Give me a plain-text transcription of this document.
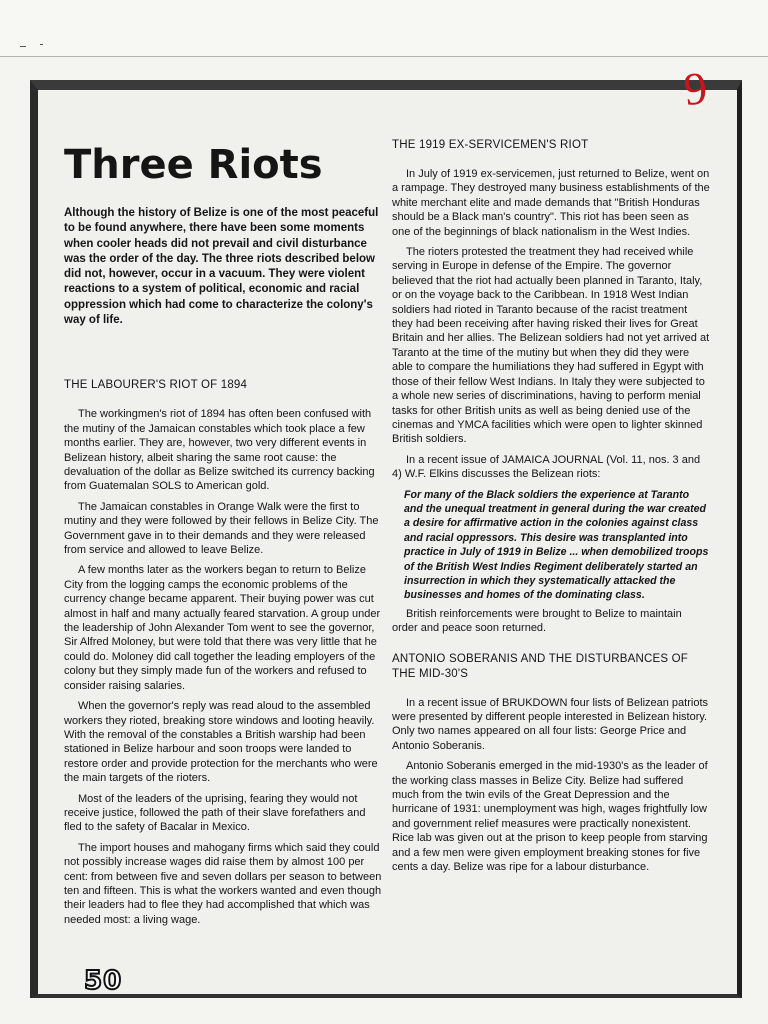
9
Three Riots

Although the history of Belize is one of the most peaceful to be found anywhere, there have been some moments when cooler heads did not prevail and civil disturbance was the order of the day. The three riots described below did not, however, occur in a vacuum. They were violent reactions to a system of political, economic and racial oppression which had come to characterize the colony's way of life.

THE LABOURER'S RIOT OF 1894

The workingmen's riot of 1894 has often been confused with the mutiny of the Jamaican constables which took place a few months earlier. They are, however, two very different events in Belizean history, albeit sharing the same root cause: the devaluation of the dollar as Belize switched its currency backing from Guatemalan SOLS to American gold.

The Jamaican constables in Orange Walk were the first to mutiny and they were followed by their fellows in Belize City. The Government gave in to their demands and they were released from service and allowed to leave Belize.

A few months later as the workers began to return to Belize City from the logging camps the economic problems of the currency change became apparent. Their buying power was cut almost in half and many actually feared starvation. A group under the leadership of John Alexander Tom went to see the governor, Sir Alfred Moloney, but were told that there was very little that he could do. Moloney did call together the leading employers of the colony but they simply made fun of the workers and refused to consider raising salaries.

When the governor's reply was read aloud to the assembled workers they rioted, breaking store windows and looting heavily. With the removal of the constables a British warship had been stationed in Belize harbour and soon troops were landed to restore order and provide protection for the merchants who were the main targets of the rioters.

Most of the leaders of the uprising, fearing they would not receive justice, followed the path of their slave forefathers and fled to the safety of Bacalar in Mexico.

The import houses and mahogany firms which said they could not possibly increase wages did raise them by almost 100 per cent: from between five and seven dollars per season to between ten and fifteen. This is what the workers wanted and even though their leaders had to flee they had accomplished that which was needed most: a living wage.

THE 1919 EX-SERVICEMEN'S RIOT

In July of 1919 ex-servicemen, just returned to Belize, went on a rampage. They destroyed many business establishments of the white merchant elite and made demands that "British Honduras should be a Black man's country". This riot has been seen as one of the beginnings of black nationalism in the West Indies.

The rioters protested the treatment they had received while serving in Europe in defense of the Empire. The governor believed that the riot had actually been planned in Taranto, Italy, or on the voyage back to the Caribbean. In 1918 West Indian soldiers had rioted in Taranto because of the racist treatment they had been receiving after having risked their lives for Great Britain and her allies. The Belizean soldiers had not yet arrived at Taranto at the time of the mutiny but when they did they were able to compare the humiliations they had suffered in Egypt with those of their fellow West Indians. In Italy they were subjected to a whole new series of discriminations, having to perform menial tasks for other British units as well as being denied use of the cinemas and YMCA facilities which were open to lighter skinned British soldiers.

In a recent issue of JAMAICA JOURNAL (Vol. 11, nos. 3 and 4) W.F. Elkins discusses the Belizean riots:

For many of the Black soldiers the experience at Taranto and the unequal treatment in general during the war created a desire for affirmative action in the colonies against class and racial oppressors. This desire was transplanted into practice in July of 1919 in Belize ... when demobilized troops of the British West Indies Regiment deliberately started an insurrection in which they systematically attacked the businesses and homes of the dominating class.

British reinforcements were brought to Belize to maintain order and peace soon returned.

ANTONIO SOBERANIS AND THE DISTURBANCES OF THE MID-30'S

In a recent issue of BRUKDOWN four lists of Belizean patriots were presented by different people interested in Belizean history. Only two names appeared on all four lists: George Price and Antonio Soberanis.

Antonio Soberanis emerged in the mid-1930's as the leader of the working class masses in Belize City. Belize had suffered much from the twin evils of the Great Depression and the hurricane of 1931: unemployment was high, wages frightfully low and government relief measures were practically nonexistent. Rice lab was given out at the prison to keep people from starving and a few men were given employment breaking stones for five cents a day. Belize was ripe for a labour disturbance.

50
